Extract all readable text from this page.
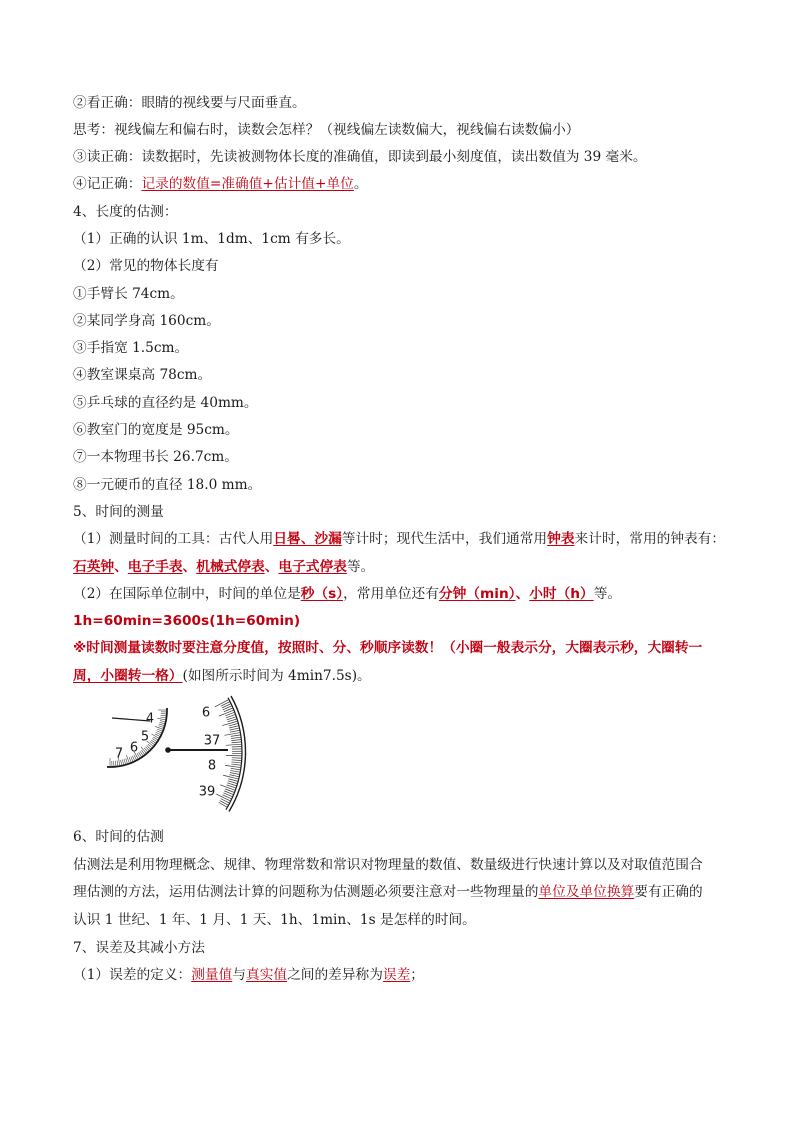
②看正确：眼睛的视线要与尺面垂直。
思考：视线偏左和偏右时，读数会怎样？（视线偏左读数偏大，视线偏右读数偏小）
③读正确：读数据时，先读被测物体长度的准确值，即读到最小刻度值，读出数值为 39 毫米。
④记正确：记录的数值=准确值+估计值+单位。
4、长度的估测：
（1）正确的认识 1m、1dm、1cm 有多长。
（2）常见的物体长度有
①手臂长 74cm。
②某同学身高 160cm。
③手指宽 1.5cm。
④教室课桌高 78cm。
⑤乒乓球的直径约是 40mm。
⑥教室门的宽度是 95cm。
⑦一本物理书长 26.7cm。
⑧一元硬币的直径 18.0 mm。
5、时间的测量
（1）测量时间的工具：古代人用日晷、沙漏等计时；现代生活中，我们通常用钟表来计时，常用的钟表有：
石英钟、电子手表、机械式停表、电子式停表等。
（2）在国际单位制中，时间的单位是秒（s），常用单位还有分钟（min）、小时（h）等。
1h=60min=3600s(1h=60min)
※时间测量读数时要注意分度值，按照时、分、秒顺序读数！（小圈一般表示分，大圈表示秒，大圈转一
周，小圈转一格）(如图所示时间为 4min7.5s)。
4
5
6
7
6
37
8
39
6、时间的估测
估测法是利用物理概念、规律、物理常数和常识对物理量的数值、数量级进行快速计算以及对取值范围合
理估测的方法，运用估测法计算的问题称为估测题必须要注意对一些物理量的单位及单位换算要有正确的
认识 1 世纪、1 年、1 月、1 天、1h、1min、1s 是怎样的时间。
7、误差及其减小方法
（1）误差的定义：测量值与真实值之间的差异称为误差；
